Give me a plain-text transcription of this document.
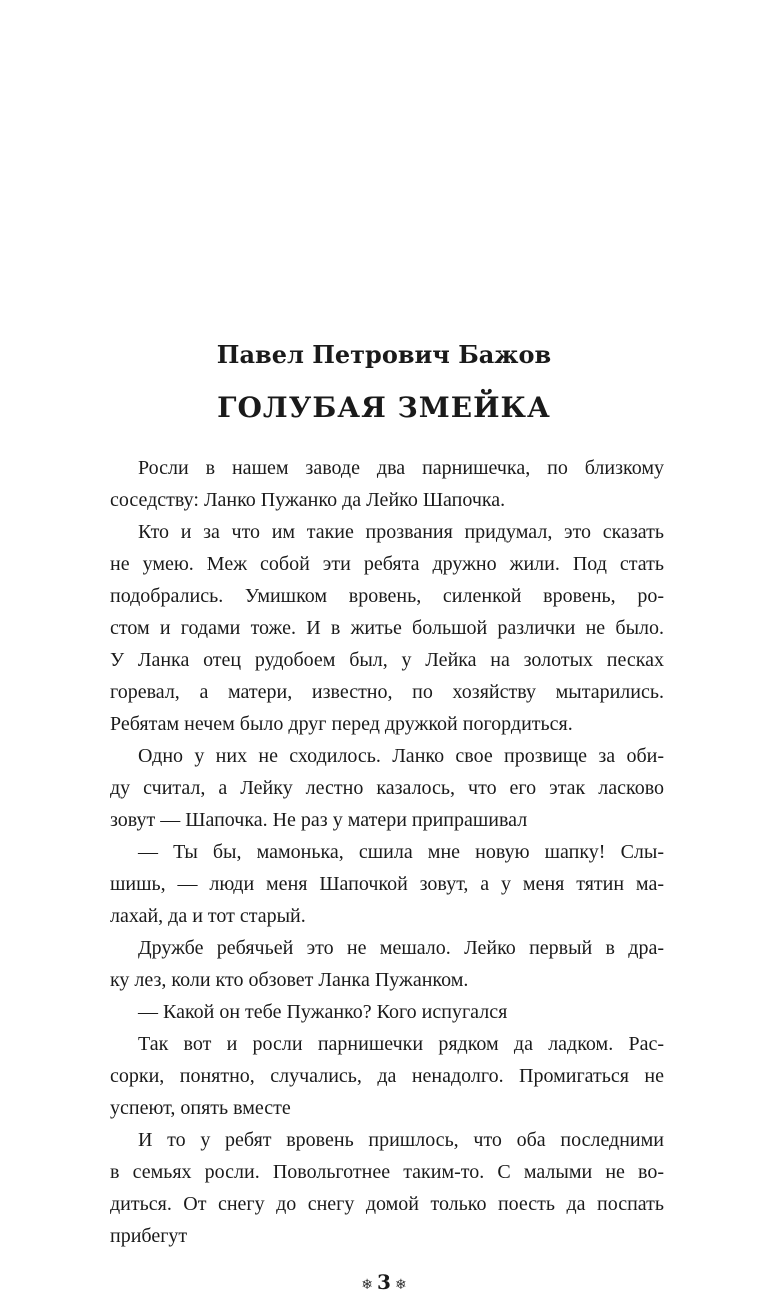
Павел Петрович Бажов
ГОЛУБАЯ ЗМЕЙКА
Росли в нашем заводе два парнишечка, по близкому
соседству: Ланко Пужанко да Лейко Шапочка.
Кто и за что им такие прозвания придумал, это сказать
не умею. Меж собой эти ребята дружно жили. Под стать
подобрались. Умишком вровень, силенкой вровень, ро-
стом и годами тоже. И в житье большой различки не было.
У Ланка отец рудобоем был, у Лейка на золотых песках
горевал, а матери, известно, по хозяйству мытарились.
Ребятам нечем было друг перед дружкой погордиться.
Одно у них не сходилось. Ланко свое прозвище за оби-
ду считал, а Лейку лестно казалось, что его этак ласково
зовут — Шапочка. Не раз у матери припрашивал
— Ты бы, мамонька, сшила мне новую шапку! Слы-
шишь, — люди меня Шапочкой зовут, а у меня тятин ма-
лахай, да и тот старый.
Дружбе ребячьей это не мешало. Лейко первый в дра-
ку лез, коли кто обзовет Ланка Пужанком.
— Какой он тебе Пужанко? Кого испугался
Так вот и росли парнишечки рядком да ладком. Рас-
сорки, понятно, случались, да ненадолго. Промигаться не
успеют, опять вместе
И то у ребят вровень пришлось, что оба последними
в семьях росли. Повольготнее таким-то. С малыми не во-
диться. От снегу до снегу домой только поесть да поспать
прибегут
❄ 3 ❄
